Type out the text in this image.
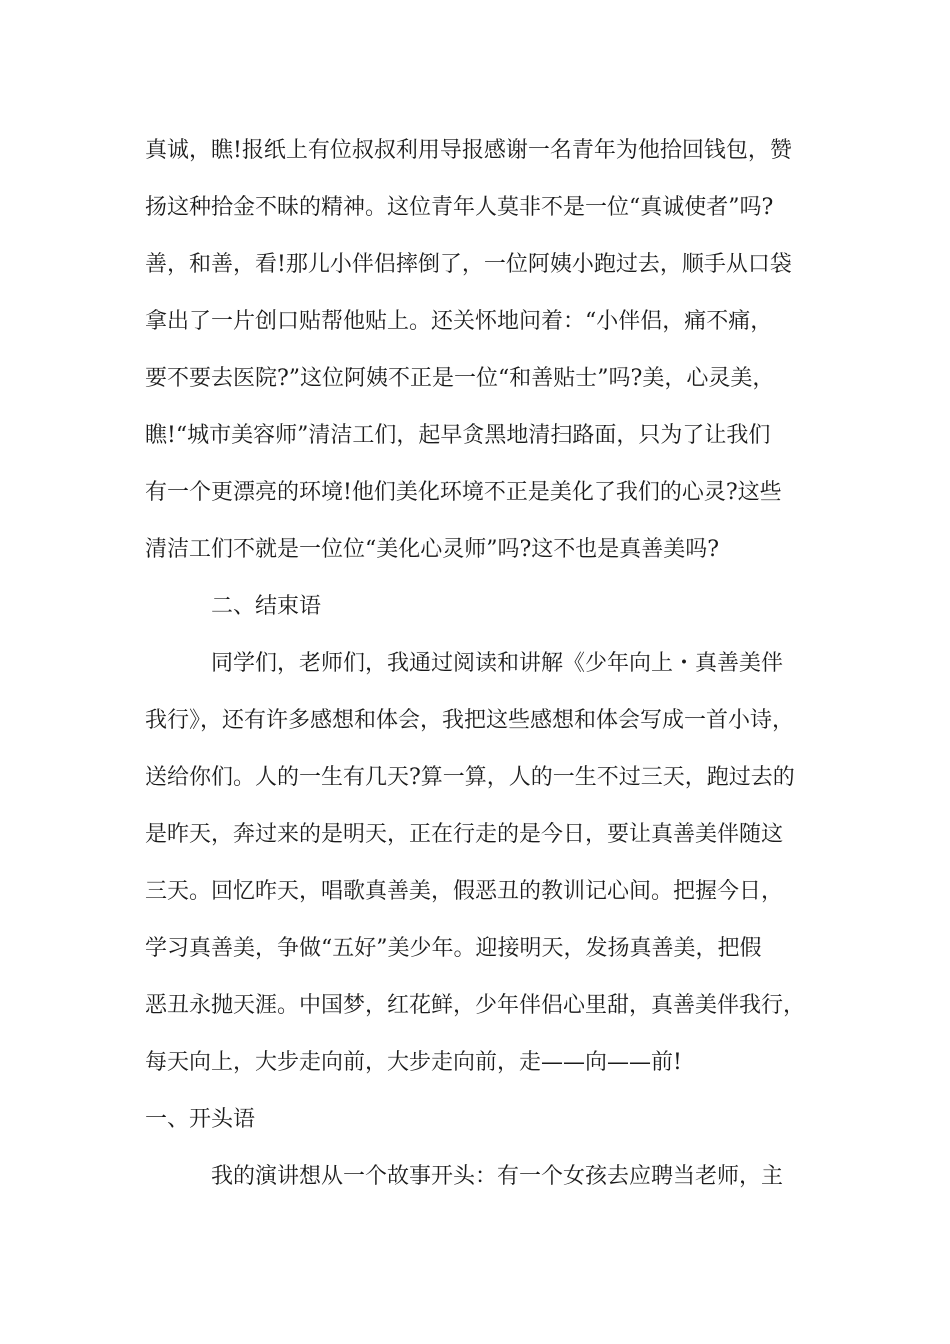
真诚，瞧!报纸上有位叔叔利用导报感谢一名青年为他拾回钱包，赞
扬这种拾金不昧的精神。这位青年人莫非不是一位“真诚使者”吗?
善，和善，看!那儿小伴侣摔倒了，一位阿姨小跑过去，顺手从口袋
拿出了一片创口贴帮他贴上。还关怀地问着：“小伴侣，痛不痛，
要不要去医院?”这位阿姨不正是一位“和善贴士”吗?美，心灵美，
瞧!“城市美容师”清洁工们，起早贪黑地清扫路面，只为了让我们
有一个更漂亮的环境!他们美化环境不正是美化了我们的心灵?这些
清洁工们不就是一位位“美化心灵师”吗?这不也是真善美吗?
二、结束语
同学们，老师们，我通过阅读和讲解《少年向上・真善美伴
我行》，还有许多感想和体会，我把这些感想和体会写成一首小诗，
送给你们。人的一生有几天?算一算，人的一生不过三天，跑过去的
是昨天，奔过来的是明天，正在行走的是今日，要让真善美伴随这
三天。回忆昨天，唱歌真善美，假恶丑的教训记心间。把握今日，
学习真善美，争做“五好”美少年。迎接明天，发扬真善美，把假
恶丑永抛天涯。中国梦，红花鲜，少年伴侣心里甜，真善美伴我行，
每天向上，大步走向前，大步走向前，走——向——前!
一、开头语
我的演讲想从一个故事开头：有一个女孩去应聘当老师，主
